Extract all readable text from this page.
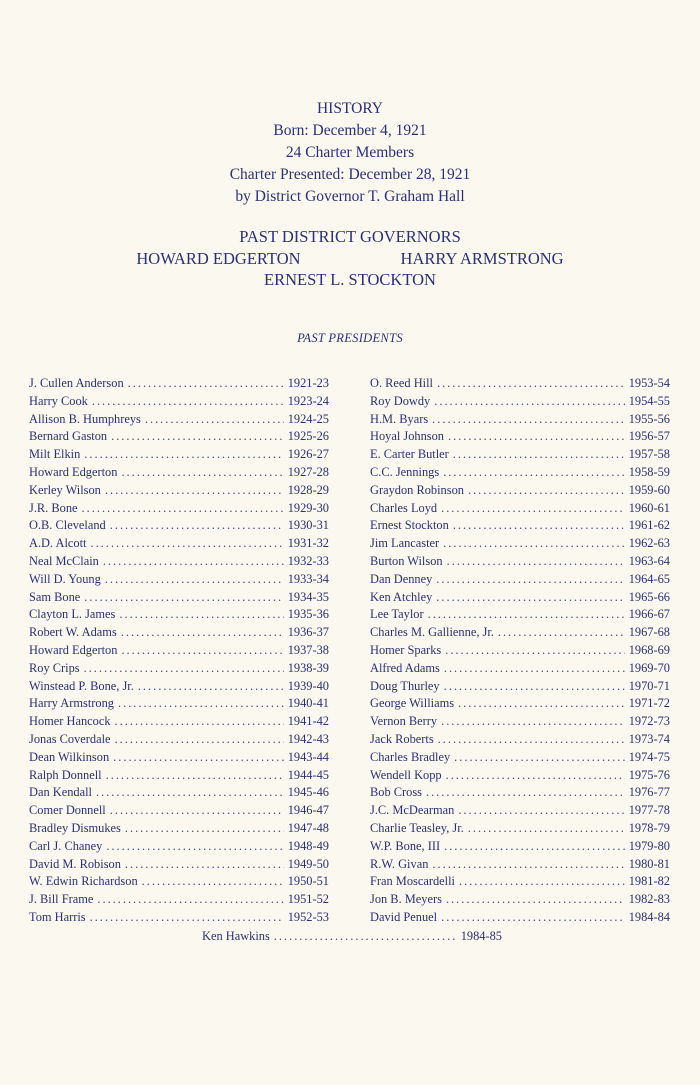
HISTORY
Born: December 4, 1921
24 Charter Members
Charter Presented: December 28, 1921
by District Governor T. Graham Hall
PAST DISTRICT GOVERNORS
HOWARD EDGERTON	HARRY ARMSTRONG
ERNEST L. STOCKTON
PAST PRESIDENTS
J. Cullen Anderson .....	1921-23
Harry Cook .....	1923-24
Allison B. Humphreys .....	1924-25
Bernard Gaston .....	1925-26
Milt Elkin .....	1926-27
Howard Edgerton .....	1927-28
Kerley Wilson .....	1928-29
J.R. Bone .....	1929-30
O.B. Cleveland .....	1930-31
A.D. Alcott .....	1931-32
Neal McClain .....	1932-33
Will D. Young .....	1933-34
Sam Bone .....	1934-35
Clayton L. James .....	1935-36
Robert W. Adams .....	1936-37
Howard Edgerton .....	1937-38
Roy Crips .....	1938-39
Winstead P. Bone, Jr. .....	1939-40
Harry Armstrong .....	1940-41
Homer Hancock .....	1941-42
Jonas Coverdale .....	1942-43
Dean Wilkinson .....	1943-44
Ralph Donnell .....	1944-45
Dan Kendall .....	1945-46
Comer Donnell .....	1946-47
Bradley Dismukes .....	1947-48
Carl J. Chaney .....	1948-49
David M. Robison .....	1949-50
W. Edwin Richardson .....	1950-51
J. Bill Frame .....	1951-52
Tom Harris .....	1952-53
O. Reed Hill .....	1953-54
Roy Dowdy .....	1954-55
H.M. Byars .....	1955-56
Hoyal Johnson .....	1956-57
E. Carter Butler .....	1957-58
C.C. Jennings .....	1958-59
Graydon Robinson .....	1959-60
Charles Loyd .....	1960-61
Ernest Stockton .....	1961-62
Jim Lancaster .....	1962-63
Burton Wilson .....	1963-64
Dan Denney .....	1964-65
Ken Atchley .....	1965-66
Lee Taylor .....	1966-67
Charles M. Gallienne, Jr. .....	1967-68
Homer Sparks .....	1968-69
Alfred Adams .....	1969-70
Doug Thurley .....	1970-71
George Williams .....	1971-72
Vernon Berry .....	1972-73
Jack Roberts .....	1973-74
Charles Bradley .....	1974-75
Wendell Kopp .....	1975-76
Bob Cross .....	1976-77
J.C. McDearman .....	1977-78
Charlie Teasley, Jr. .....	1978-79
W.P. Bone, III .....	1979-80
R.W. Givan .....	1980-81
Fran Moscardelli .....	1981-82
Jon B. Meyers .....	1982-83
David Penuel .....	1984-84
Ken Hawkins .....	1984-85
